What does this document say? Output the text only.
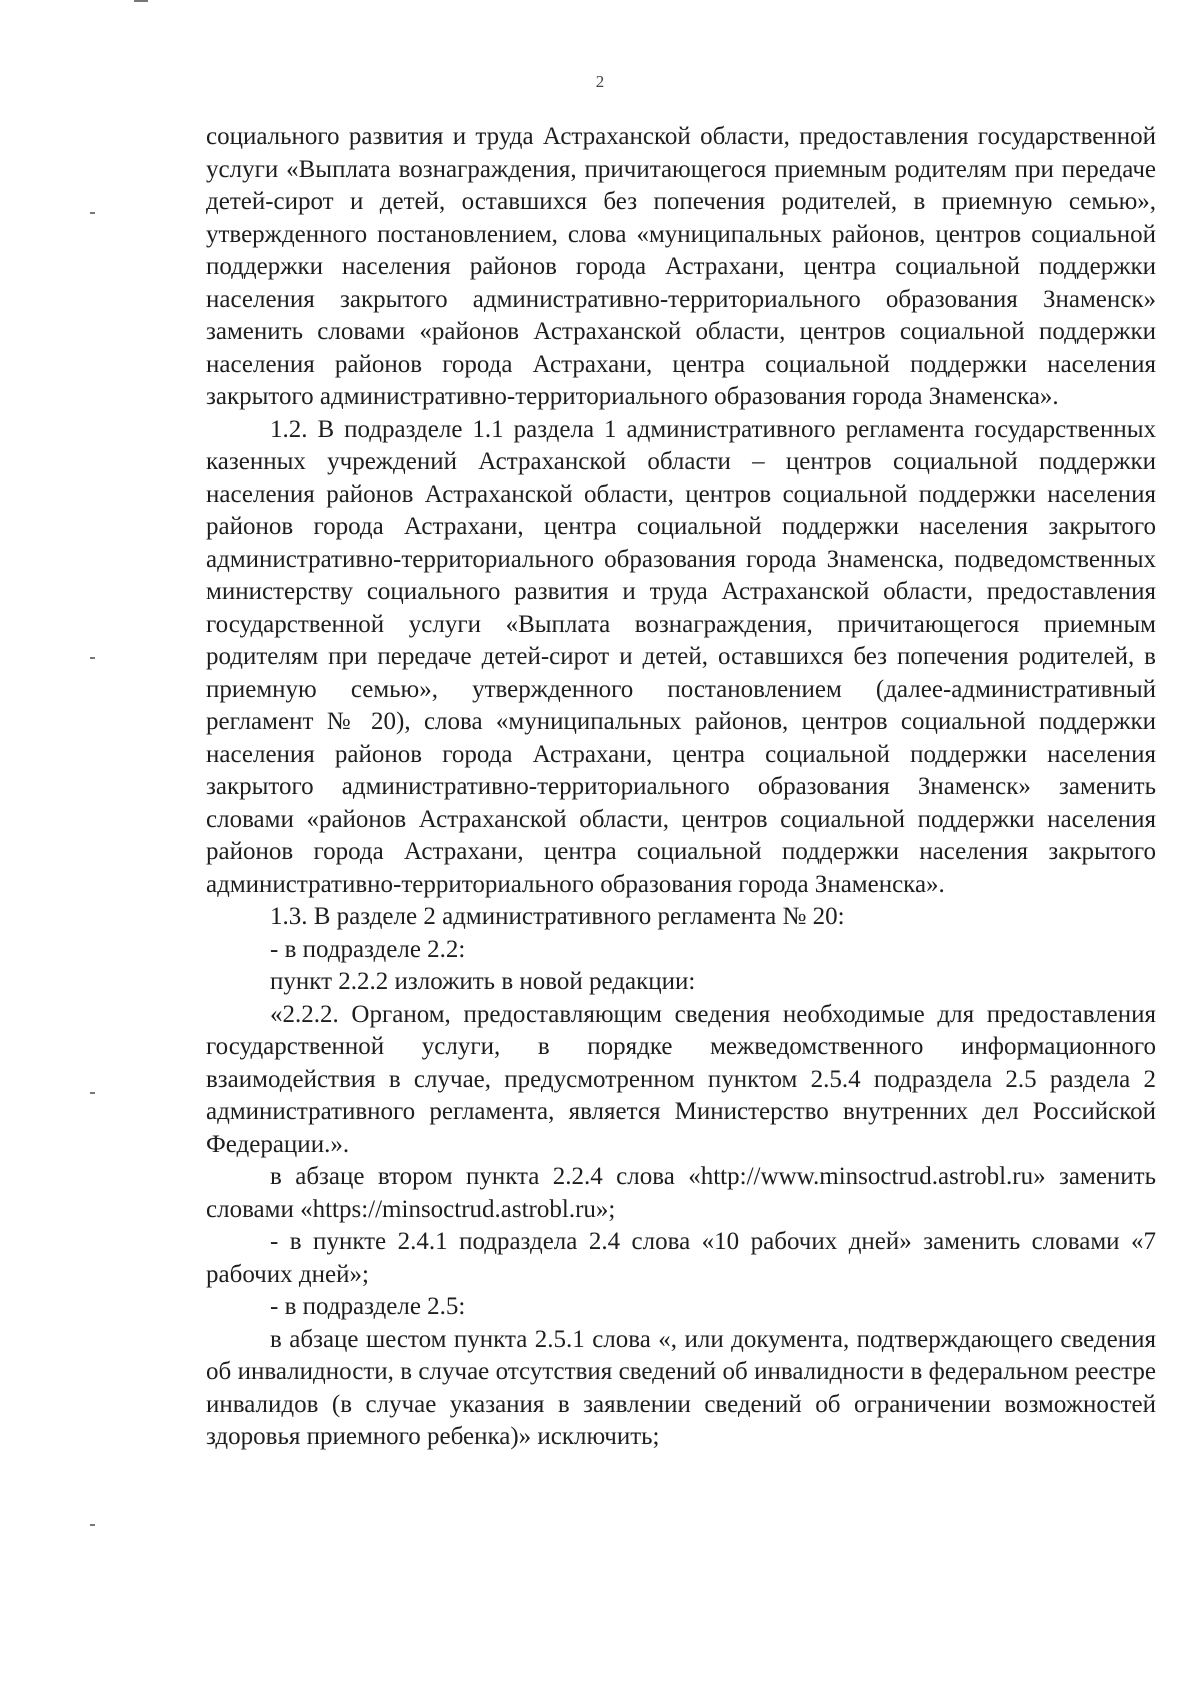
2

социального развития и труда Астраханской области, предоставления государственной услуги «Выплата вознаграждения, причитающегося приемным родителям при передаче детей-сирот и детей, оставшихся без попечения родителей, в приемную семью», утвержденного постановлением, слова «муниципальных районов, центров социальной поддержки населения районов города Астрахани, центра социальной поддержки населения закрытого административно-территориального образования Знаменск» заменить словами «районов Астраханской области, центров социальной поддержки населения районов города Астрахани, центра социальной поддержки населения закрытого административно-территориального образования города Знаменска».

1.2. В подразделе 1.1 раздела 1 административного регламента государственных казенных учреждений Астраханской области – центров социальной поддержки населения районов Астраханской области, центров социальной поддержки населения районов города Астрахани, центра социальной поддержки населения закрытого административно-территориального образования города Знаменска, подведомственных министерству социального развития и труда Астраханской области, предоставления государственной услуги «Выплата вознаграждения, причитающегося приемным родителям при передаче детей-сирот и детей, оставшихся без попечения родителей, в приемную семью», утвержденного постановлением (далее-административный регламент № 20), слова «муниципальных районов, центров социальной поддержки населения районов города Астрахани, центра социальной поддержки населения закрытого административно-территориального образования Знаменск» заменить словами «районов Астраханской области, центров социальной поддержки населения районов города Астрахани, центра социальной поддержки населения закрытого административно-территориального образования города Знаменска».

1.3. В разделе 2 административного регламента № 20:

- в подразделе 2.2:

пункт 2.2.2 изложить в новой редакции:

«2.2.2. Органом, предоставляющим сведения необходимые для предоставления государственной услуги, в порядке межведомственного информационного взаимодействия в случае, предусмотренном пунктом 2.5.4 подраздела 2.5 раздела 2 административного регламента, является Министерство внутренних дел Российской Федерации.».

в абзаце втором пункта 2.2.4 слова «http://www.minsoctrud.astrobl.ru» заменить словами «https://minsoctrud.astrobl.ru»;

- в пункте 2.4.1 подраздела 2.4 слова «10 рабочих дней» заменить словами «7 рабочих дней»;

- в подразделе 2.5:

в абзаце шестом пункта 2.5.1 слова «, или документа, подтверждающего сведения об инвалидности, в случае отсутствия сведений об инвалидности в федеральном реестре инвалидов (в случае указания в заявлении сведений об ограничении возможностей здоровья приемного ребенка)» исключить;
